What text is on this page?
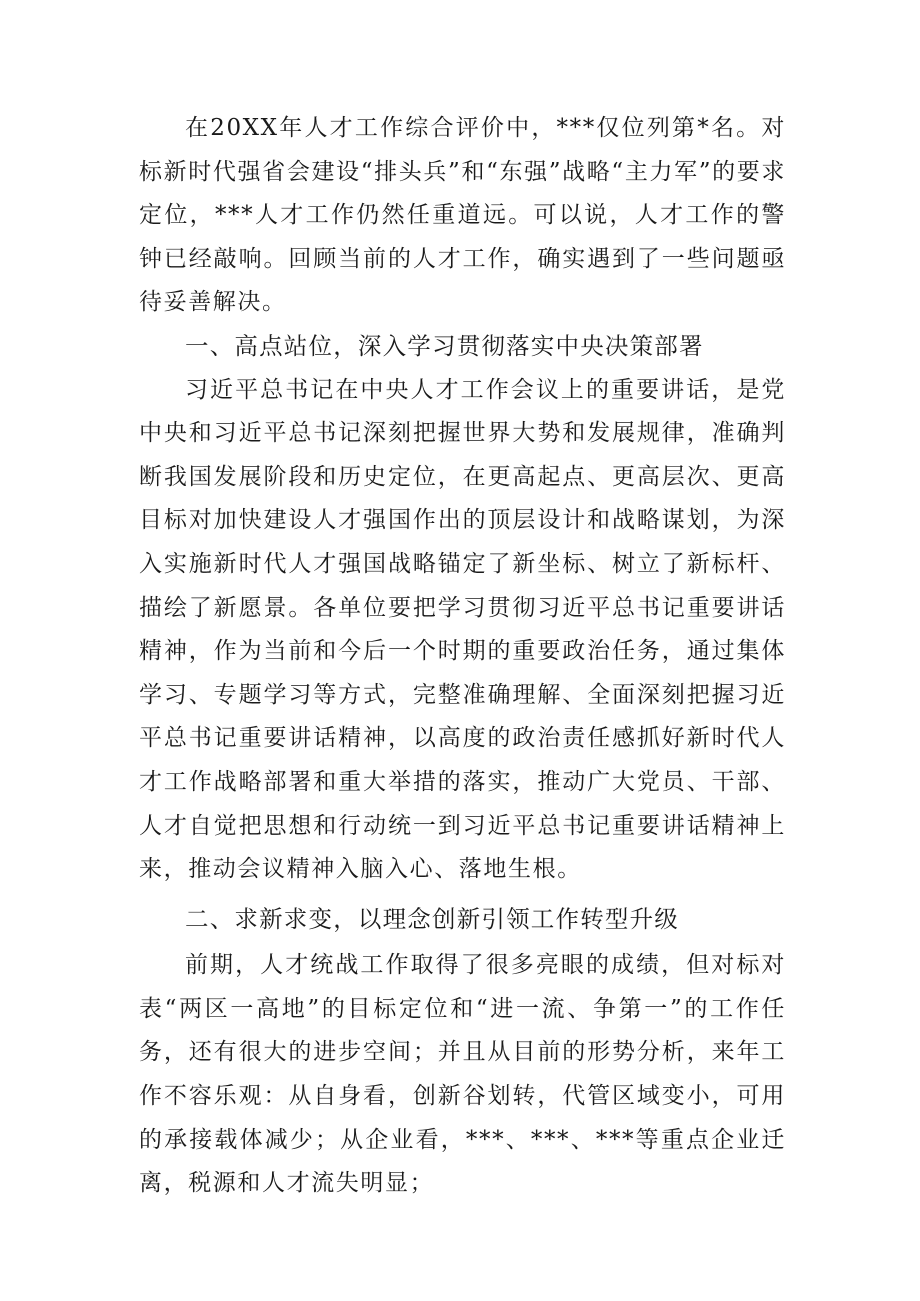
在20XX年人才工作综合评价中，***仅位列第*名。对标新时代强省会建设“排头兵”和“东强”战略“主力军”的要求定位，***人才工作仍然任重道远。可以说，人才工作的警钟已经敲响。回顾当前的人才工作，确实遇到了一些问题亟待妥善解决。

一、高点站位，深入学习贯彻落实中央决策部署

习近平总书记在中央人才工作会议上的重要讲话，是党中央和习近平总书记深刻把握世界大势和发展规律，准确判断我国发展阶段和历史定位，在更高起点、更高层次、更高目标对加快建设人才强国作出的顶层设计和战略谋划，为深入实施新时代人才强国战略锚定了新坐标、树立了新标杆、描绘了新愿景。各单位要把学习贯彻习近平总书记重要讲话精神，作为当前和今后一个时期的重要政治任务，通过集体学习、专题学习等方式，完整准确理解、全面深刻把握习近平总书记重要讲话精神，以高度的政治责任感抓好新时代人才工作战略部署和重大举措的落实，推动广大党员、干部、人才自觉把思想和行动统一到习近平总书记重要讲话精神上来，推动会议精神入脑入心、落地生根。

二、求新求变，以理念创新引领工作转型升级

前期，人才统战工作取得了很多亮眼的成绩，但对标对表“两区一高地”的目标定位和“进一流、争第一”的工作任务，还有很大的进步空间；并且从目前的形势分析，来年工作不容乐观：从自身看，创新谷划转，代管区域变小，可用的承接载体减少；从企业看，***、***、***等重点企业迁离，税源和人才流失明显；
